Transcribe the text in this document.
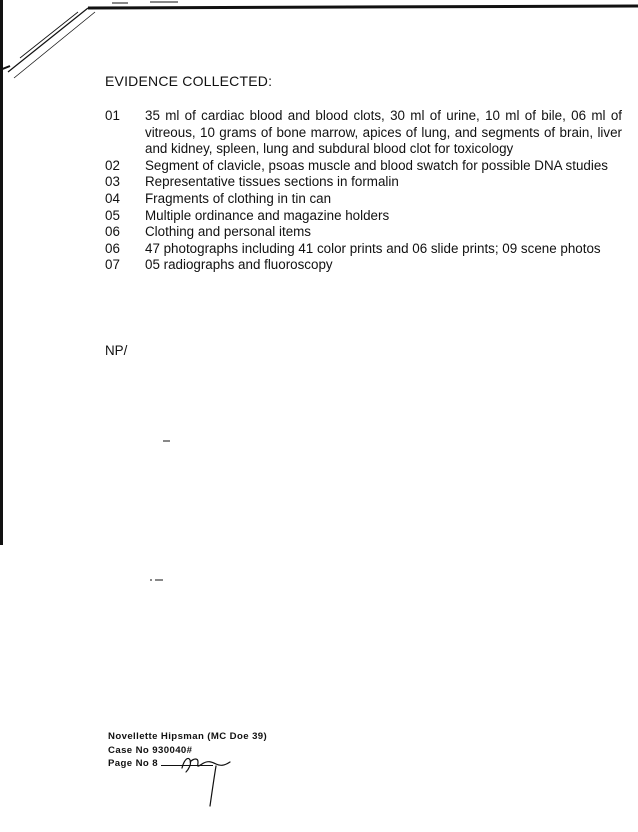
EVIDENCE COLLECTED:
01	35 ml of cardiac blood and blood clots, 30 ml of urine, 10 ml of bile, 06 ml of vitreous, 10 grams of bone marrow, apices of lung, and segments of brain, liver and kidney, spleen, lung and subdural blood clot for toxicology
02	Segment of clavicle, psoas muscle and blood swatch for possible DNA studies
03	Representative tissues sections in formalin
04	Fragments of clothing in tin can
05	Multiple ordinance and magazine holders
06	Clothing and personal items
06	47 photographs including 41 color prints and 06 slide prints; 09 scene photos
07	05 radiographs and fluoroscopy
NP/
Novellette Hipsman (MC Doe 39)
Case No 930040#
Page No 8
